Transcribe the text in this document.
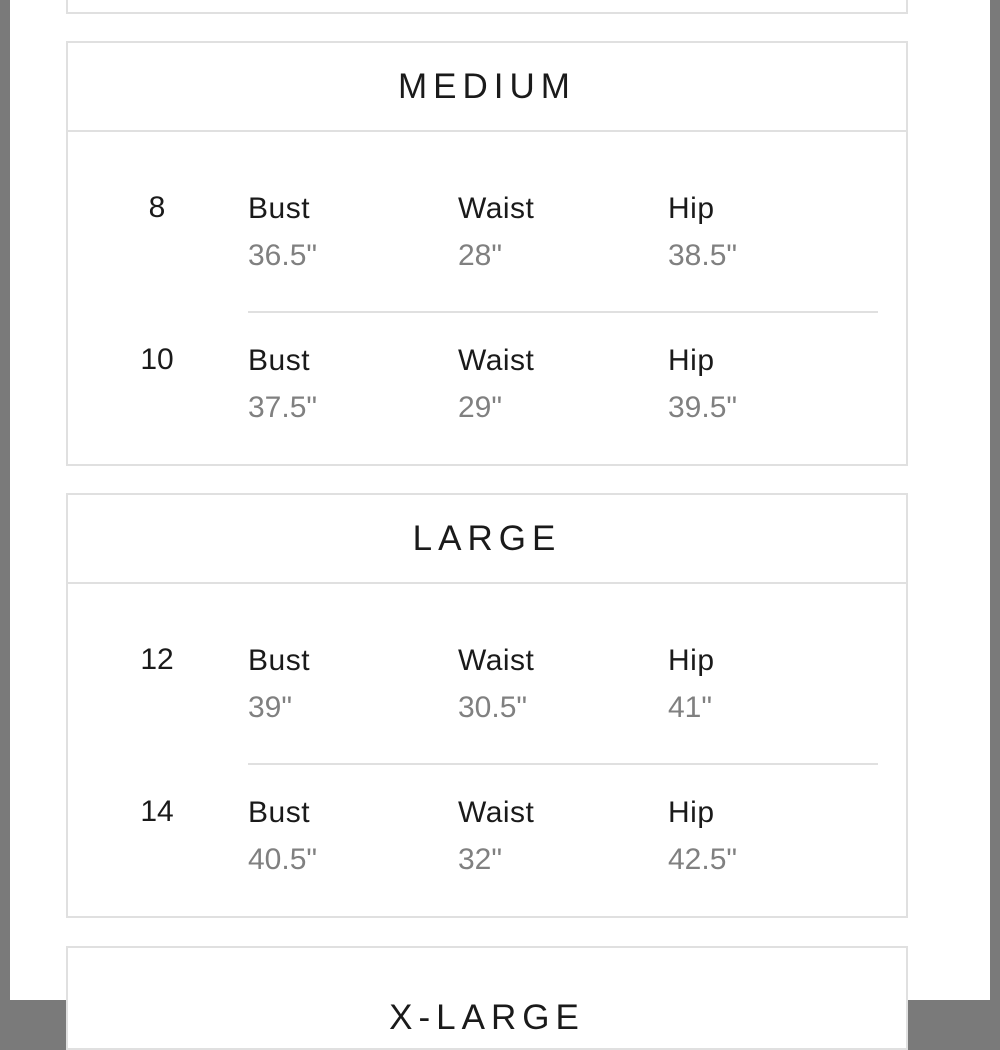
MEDIUM
8	Bust
36.5"
Waist
28"
Hip
38.5"
10	Bust
37.5"
Waist
29"
Hip
39.5"
LARGE
12	Bust
39"
Waist
30.5"
Hip
41"
14	Bust
40.5"
Waist
32"
Hip
42.5"
X-LARGE
